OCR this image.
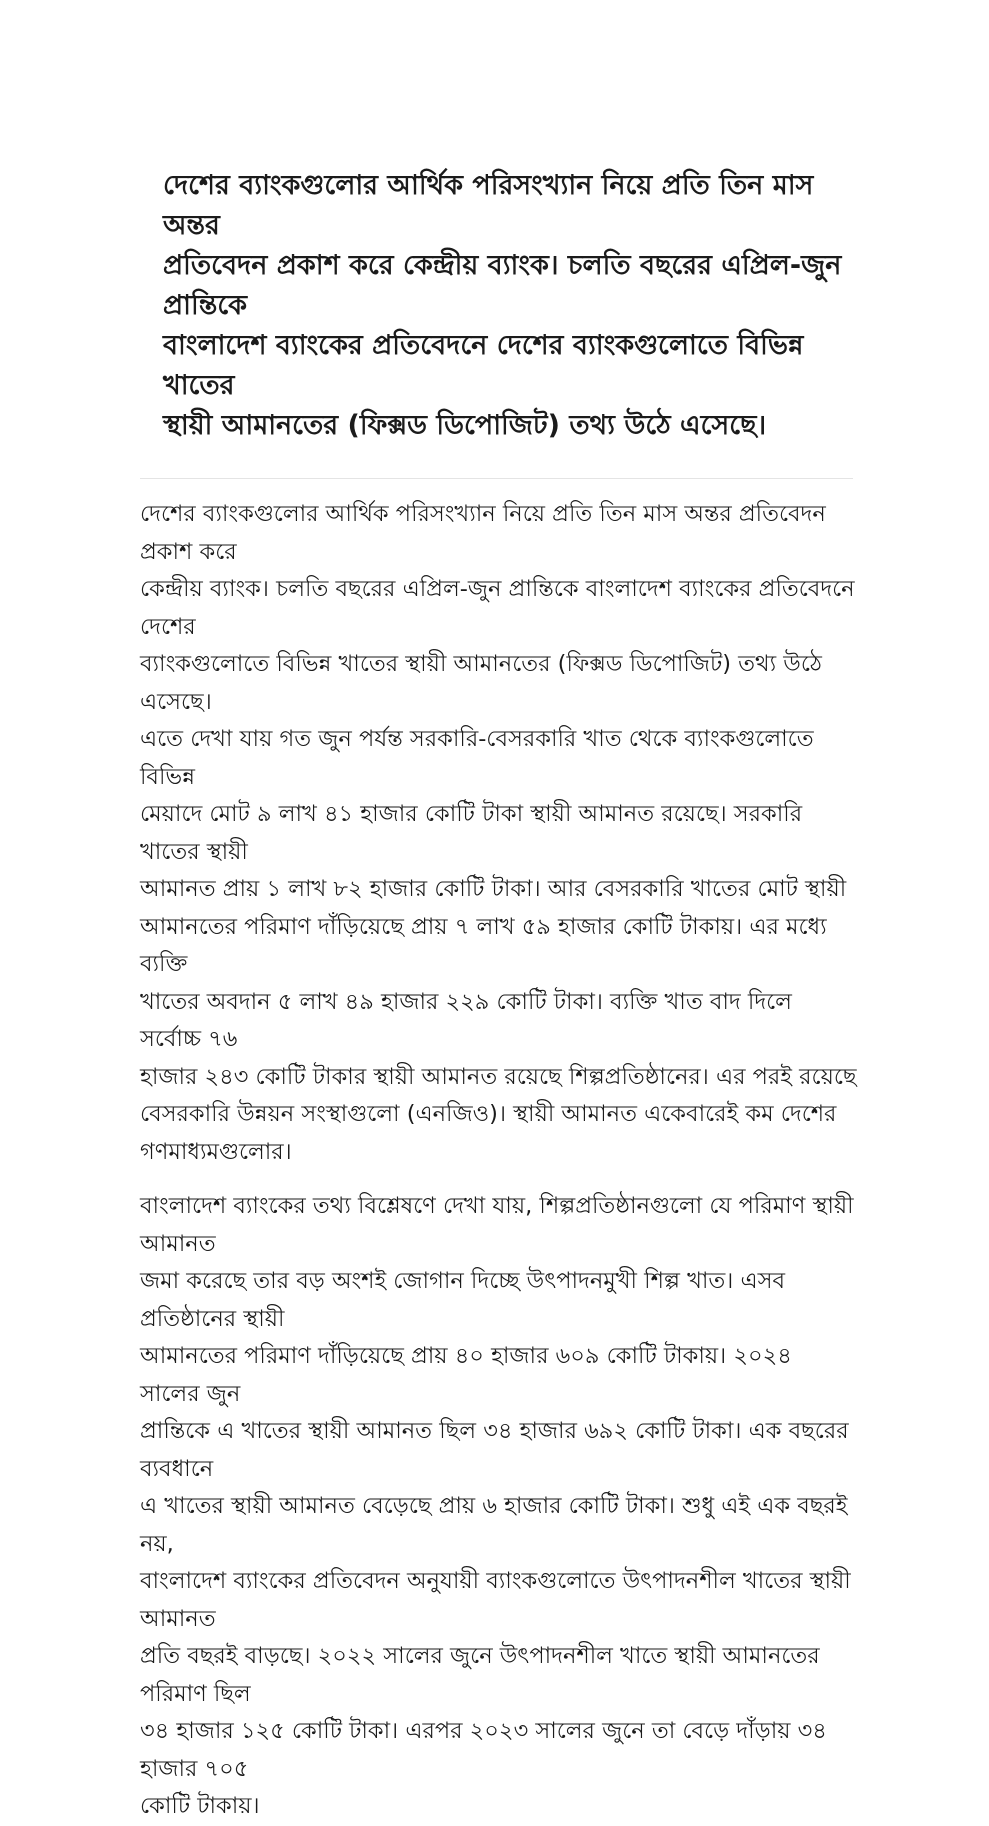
দেশের ব্যাংকগুলোর আর্থিক পরিসংখ্যান নিয়ে প্রতি তিন মাস অন্তর
প্রতিবেদন প্রকাশ করে কেন্দ্রীয় ব্যাংক। চলতি বছরের এপ্রিল-জুন প্রান্তিকে
বাংলাদেশ ব্যাংকের প্রতিবেদনে দেশের ব্যাংকগুলোতে বিভিন্ন খাতের
স্থায়ী আমানতের (ফিক্সড ডিপোজিট) তথ্য উঠে এসেছে।

দেশের ব্যাংকগুলোর আর্থিক পরিসংখ্যান নিয়ে প্রতি তিন মাস অন্তর প্রতিবেদন প্রকাশ করে
কেন্দ্রীয় ব্যাংক। চলতি বছরের এপ্রিল-জুন প্রান্তিকে বাংলাদেশ ব্যাংকের প্রতিবেদনে দেশের
ব্যাংকগুলোতে বিভিন্ন খাতের স্থায়ী আমানতের (ফিক্সড ডিপোজিট) তথ্য উঠে এসেছে।
এতে দেখা যায় গত জুন পর্যন্ত সরকারি-বেসরকারি খাত থেকে ব্যাংকগুলোতে বিভিন্ন
মেয়াদে মোট ৯ লাখ ৪১ হাজার কোটি টাকা স্থায়ী আমানত রয়েছে। সরকারি খাতের স্থায়ী
আমানত প্রায় ১ লাখ ৮২ হাজার কোটি টাকা। আর বেসরকারি খাতের মোট স্থায়ী
আমানতের পরিমাণ দাঁড়িয়েছে প্রায় ৭ লাখ ৫৯ হাজার কোটি টাকায়। এর মধ্যে ব্যক্তি
খাতের অবদান ৫ লাখ ৪৯ হাজার ২২৯ কোটি টাকা। ব্যক্তি খাত বাদ দিলে সর্বোচ্চ ৭৬
হাজার ২৪৩ কোটি টাকার স্থায়ী আমানত রয়েছে শিল্পপ্রতিষ্ঠানের। এর পরই রয়েছে
বেসরকারি উন্নয়ন সংস্থাগুলো (এনজিও)। স্থায়ী আমানত একেবারেই কম দেশের
গণমাধ্যমগুলোর।

বাংলাদেশ ব্যাংকের তথ্য বিশ্লেষণে দেখা যায়, শিল্পপ্রতিষ্ঠানগুলো যে পরিমাণ স্থায়ী আমানত
জমা করেছে তার বড় অংশই জোগান দিচ্ছে উৎপাদনমুখী শিল্প খাত। এসব প্রতিষ্ঠানের স্থায়ী
আমানতের পরিমাণ দাঁড়িয়েছে প্রায় ৪০ হাজার ৬০৯ কোটি টাকায়। ২০২৪ সালের জুন
প্রান্তিকে এ খাতের স্থায়ী আমানত ছিল ৩৪ হাজার ৬৯২ কোটি টাকা। এক বছরের ব্যবধানে
এ খাতের স্থায়ী আমানত বেড়েছে প্রায় ৬ হাজার কোটি টাকা। শুধু এই এক বছরই নয়,
বাংলাদেশ ব্যাংকের প্রতিবেদন অনুযায়ী ব্যাংকগুলোতে উৎপাদনশীল খাতের স্থায়ী আমানত
প্রতি বছরই বাড়ছে। ২০২২ সালের জুনে উৎপাদনশীল খাতে স্থায়ী আমানতের পরিমাণ ছিল
৩৪ হাজার ১২৫ কোটি টাকা। এরপর ২০২৩ সালের জুনে তা বেড়ে দাঁড়ায় ৩৪ হাজার ৭০৫
কোটি টাকায়।
